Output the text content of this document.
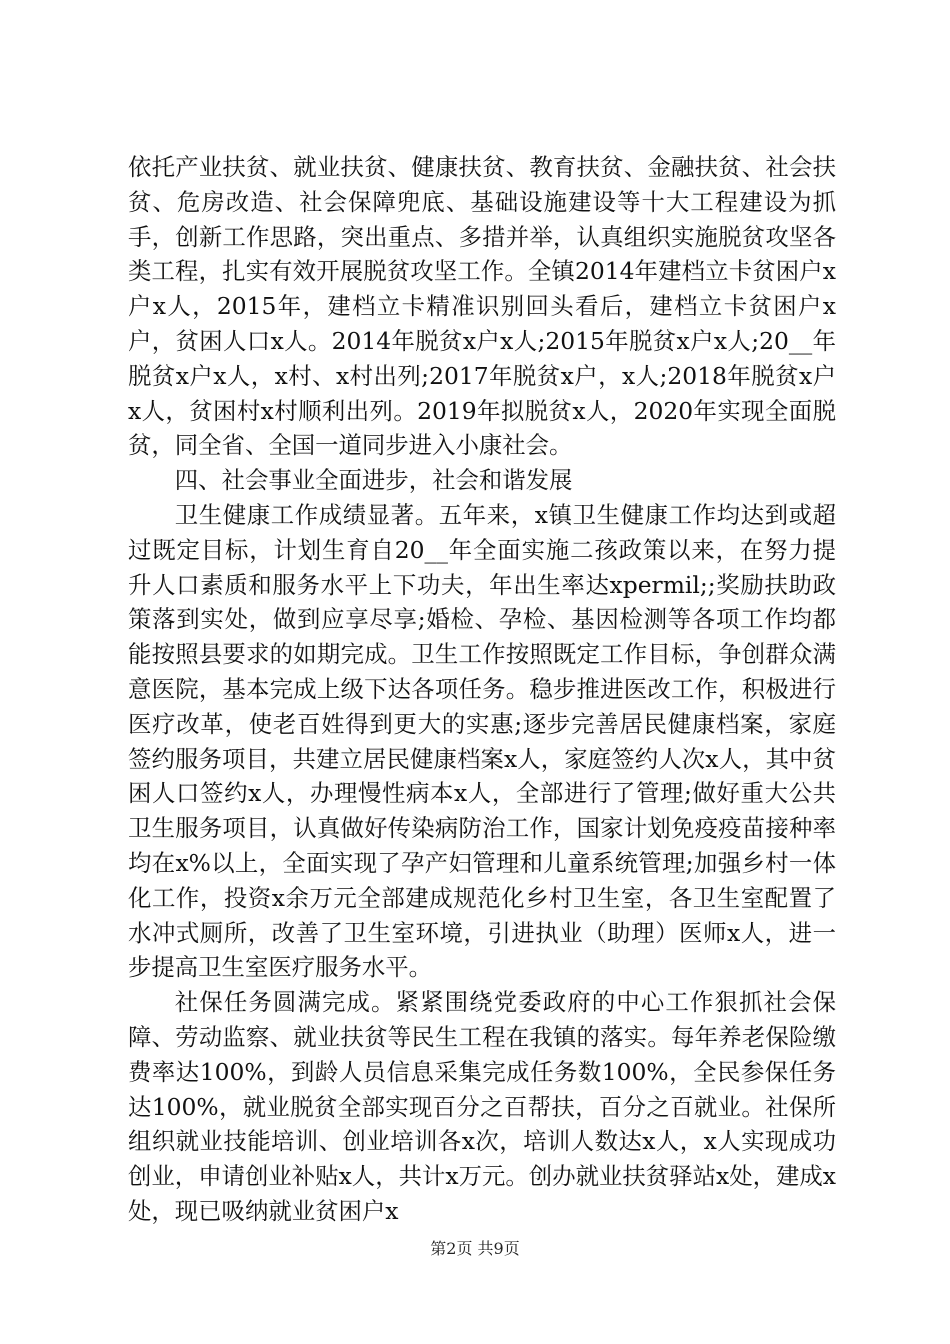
依托产业扶贫、就业扶贫、健康扶贫、教育扶贫、金融扶贫、社会扶贫、危房改造、社会保障兜底、基础设施建设等十大工程建设为抓手，创新工作思路，突出重点、多措并举，认真组织实施脱贫攻坚各类工程，扎实有效开展脱贫攻坚工作。全镇2014年建档立卡贫困户x户x人，2015年，建档立卡精准识别回头看后，建档立卡贫困户x户，贫困人口x人。2014年脱贫x户x人;2015年脱贫x户x人;20__年脱贫x户x人，x村、x村出列;2017年脱贫x户，x人;2018年脱贫x户x人，贫困村x村顺利出列。2019年拟脱贫x人，2020年实现全面脱贫，同全省、全国一道同步进入小康社会。

四、社会事业全面进步，社会和谐发展

卫生健康工作成绩显著。五年来，x镇卫生健康工作均达到或超过既定目标，计划生育自20__年全面实施二孩政策以来，在努力提升人口素质和服务水平上下功夫，年出生率达xpermil;;奖励扶助政策落到实处，做到应享尽享;婚检、孕检、基因检测等各项工作均都能按照县要求的如期完成。卫生工作按照既定工作目标，争创群众满意医院，基本完成上级下达各项任务。稳步推进医改工作，积极进行医疗改革，使老百姓得到更大的实惠;逐步完善居民健康档案，家庭签约服务项目，共建立居民健康档案x人，家庭签约人次x人，其中贫困人口签约x人，办理慢性病本x人，全部进行了管理;做好重大公共卫生服务项目，认真做好传染病防治工作，国家计划免疫疫苗接种率均在x%以上，全面实现了孕产妇管理和儿童系统管理;加强乡村一体化工作，投资x余万元全部建成规范化乡村卫生室，各卫生室配置了水冲式厕所，改善了卫生室环境，引进执业（助理）医师x人，进一步提高卫生室医疗服务水平。

社保任务圆满完成。紧紧围绕党委政府的中心工作狠抓社会保障、劳动监察、就业扶贫等民生工程在我镇的落实。每年养老保险缴费率达100%，到龄人员信息采集完成任务数100%，全民参保任务达100%，就业脱贫全部实现百分之百帮扶，百分之百就业。社保所组织就业技能培训、创业培训各x次，培训人数达x人，x人实现成功创业，申请创业补贴x人，共计x万元。创办就业扶贫驿站x处，建成x处，现已吸纳就业贫困户x

第2页 共9页
